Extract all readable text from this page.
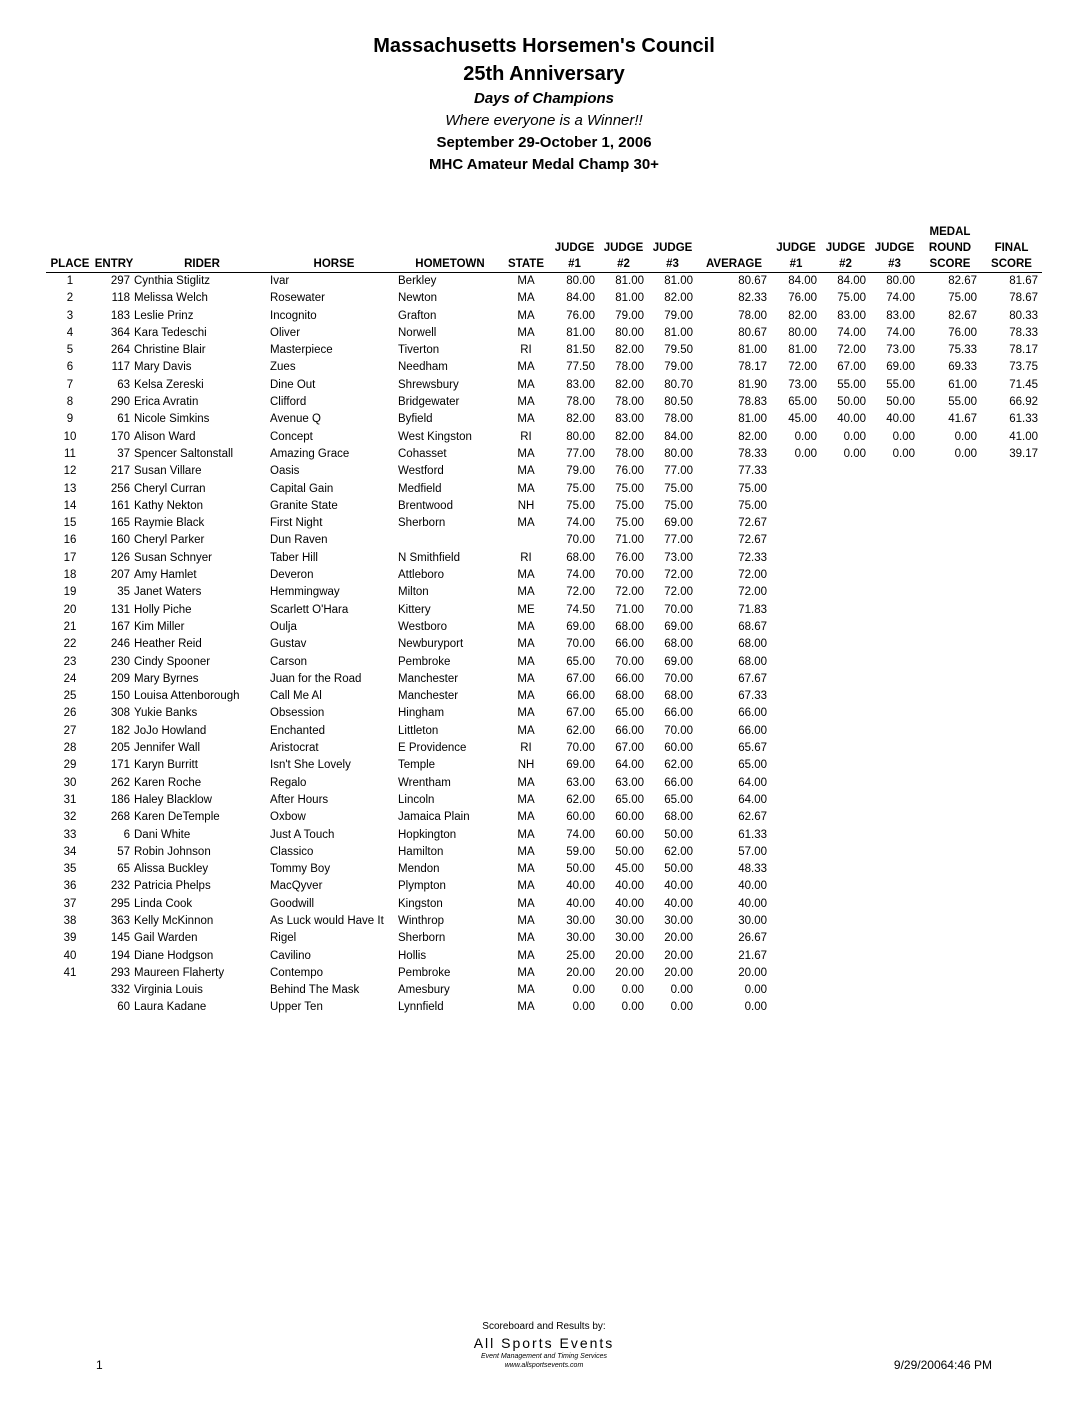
Massachusetts Horsemen's Council
25th Anniversary
Days of Champions
Where everyone is a Winner!!
September 29-October 1, 2006
MHC Amateur Medal Champ 30+
													MEDAL	
						JUDGE	JUDGE	JUDGE		JUDGE	JUDGE	JUDGE	ROUND	FINAL
PLACE	ENTRY	RIDER	HORSE	HOMETOWN	STATE	#1	#2	#3	AVERAGE	#1	#2	#3	SCORE	SCORE
1	297	Cynthia Stiglitz	Ivar	Berkley	MA	80.00	81.00	81.00	80.67	84.00	84.00	80.00	82.67	81.67
2	118	Melissa Welch	Rosewater	Newton	MA	84.00	81.00	82.00	82.33	76.00	75.00	74.00	75.00	78.67
3	183	Leslie Prinz	Incognito	Grafton	MA	76.00	79.00	79.00	78.00	82.00	83.00	83.00	82.67	80.33
4	364	Kara Tedeschi	Oliver	Norwell	MA	81.00	80.00	81.00	80.67	80.00	74.00	74.00	76.00	78.33
5	264	Christine Blair	Masterpiece	Tiverton	RI	81.50	82.00	79.50	81.00	81.00	72.00	73.00	75.33	78.17
6	117	Mary Davis	Zues	Needham	MA	77.50	78.00	79.00	78.17	72.00	67.00	69.00	69.33	73.75
7	63	Kelsa Zereski	Dine Out	Shrewsbury	MA	83.00	82.00	80.70	81.90	73.00	55.00	55.00	61.00	71.45
8	290	Erica Avratin	Clifford	Bridgewater	MA	78.00	78.00	80.50	78.83	65.00	50.00	50.00	55.00	66.92
9	61	Nicole Simkins	Avenue Q	Byfield	MA	82.00	83.00	78.00	81.00	45.00	40.00	40.00	41.67	61.33
10	170	Alison Ward	Concept	West Kingston	RI	80.00	82.00	84.00	82.00	0.00	0.00	0.00	0.00	41.00
11	37	Spencer Saltonstall	Amazing Grace	Cohasset	MA	77.00	78.00	80.00	78.33	0.00	0.00	0.00	0.00	39.17
12	217	Susan Villare	Oasis	Westford	MA	79.00	76.00	77.00	77.33					
13	256	Cheryl Curran	Capital Gain	Medfield	MA	75.00	75.00	75.00	75.00					
14	161	Kathy Nekton	Granite State	Brentwood	NH	75.00	75.00	75.00	75.00					
15	165	Raymie Black	First Night	Sherborn	MA	74.00	75.00	69.00	72.67					
16	160	Cheryl Parker	Dun Raven			70.00	71.00	77.00	72.67					
17	126	Susan Schnyer	Taber Hill	N Smithfield	RI	68.00	76.00	73.00	72.33					
18	207	Amy Hamlet	Deveron	Attleboro	MA	74.00	70.00	72.00	72.00					
19	35	Janet Waters	Hemmingway	Milton	MA	72.00	72.00	72.00	72.00					
20	131	Holly Piche	Scarlett O'Hara	Kittery	ME	74.50	71.00	70.00	71.83					
21	167	Kim Miller	Oulja	Westboro	MA	69.00	68.00	69.00	68.67					
22	246	Heather Reid	Gustav	Newburyport	MA	70.00	66.00	68.00	68.00					
23	230	Cindy Spooner	Carson	Pembroke	MA	65.00	70.00	69.00	68.00					
24	209	Mary Byrnes	Juan for the Road	Manchester	MA	67.00	66.00	70.00	67.67					
25	150	Louisa Attenborough	Call Me Al	Manchester	MA	66.00	68.00	68.00	67.33					
26	308	Yukie Banks	Obsession	Hingham	MA	67.00	65.00	66.00	66.00					
27	182	JoJo Howland	Enchanted	Littleton	MA	62.00	66.00	70.00	66.00					
28	205	Jennifer Wall	Aristocrat	E Providence	RI	70.00	67.00	60.00	65.67					
29	171	Karyn Burritt	Isn't She Lovely	Temple	NH	69.00	64.00	62.00	65.00					
30	262	Karen Roche	Regalo	Wrentham	MA	63.00	63.00	66.00	64.00					
31	186	Haley Blacklow	After Hours	Lincoln	MA	62.00	65.00	65.00	64.00					
32	268	Karen DeTemple	Oxbow	Jamaica Plain	MA	60.00	60.00	68.00	62.67					
33	6	Dani White	Just A Touch	Hopkington	MA	74.00	60.00	50.00	61.33					
34	57	Robin Johnson	Classico	Hamilton	MA	59.00	50.00	62.00	57.00					
35	65	Alissa Buckley	Tommy Boy	Mendon	MA	50.00	45.00	50.00	48.33					
36	232	Patricia Phelps	MacQyver	Plympton	MA	40.00	40.00	40.00	40.00					
37	295	Linda Cook	Goodwill	Kingston	MA	40.00	40.00	40.00	40.00					
38	363	Kelly McKinnon	As Luck would Have It	Winthrop	MA	30.00	30.00	30.00	30.00					
39	145	Gail Warden	Rigel	Sherborn	MA	30.00	30.00	20.00	26.67					
40	194	Diane Hodgson	Cavilino	Hollis	MA	25.00	20.00	20.00	21.67					
41	293	Maureen Flaherty	Contempo	Pembroke	MA	20.00	20.00	20.00	20.00					
	332	Virginia Louis	Behind The Mask	Amesbury	MA	0.00	0.00	0.00	0.00					
	60	Laura Kadane	Upper Ten	Lynnfield	MA	0.00	0.00	0.00	0.00					
Scoreboard and Results by:
All Sports Events
Event Management and Timing Services
www.allsportsevents.com
1	9/29/20064:46 PM
